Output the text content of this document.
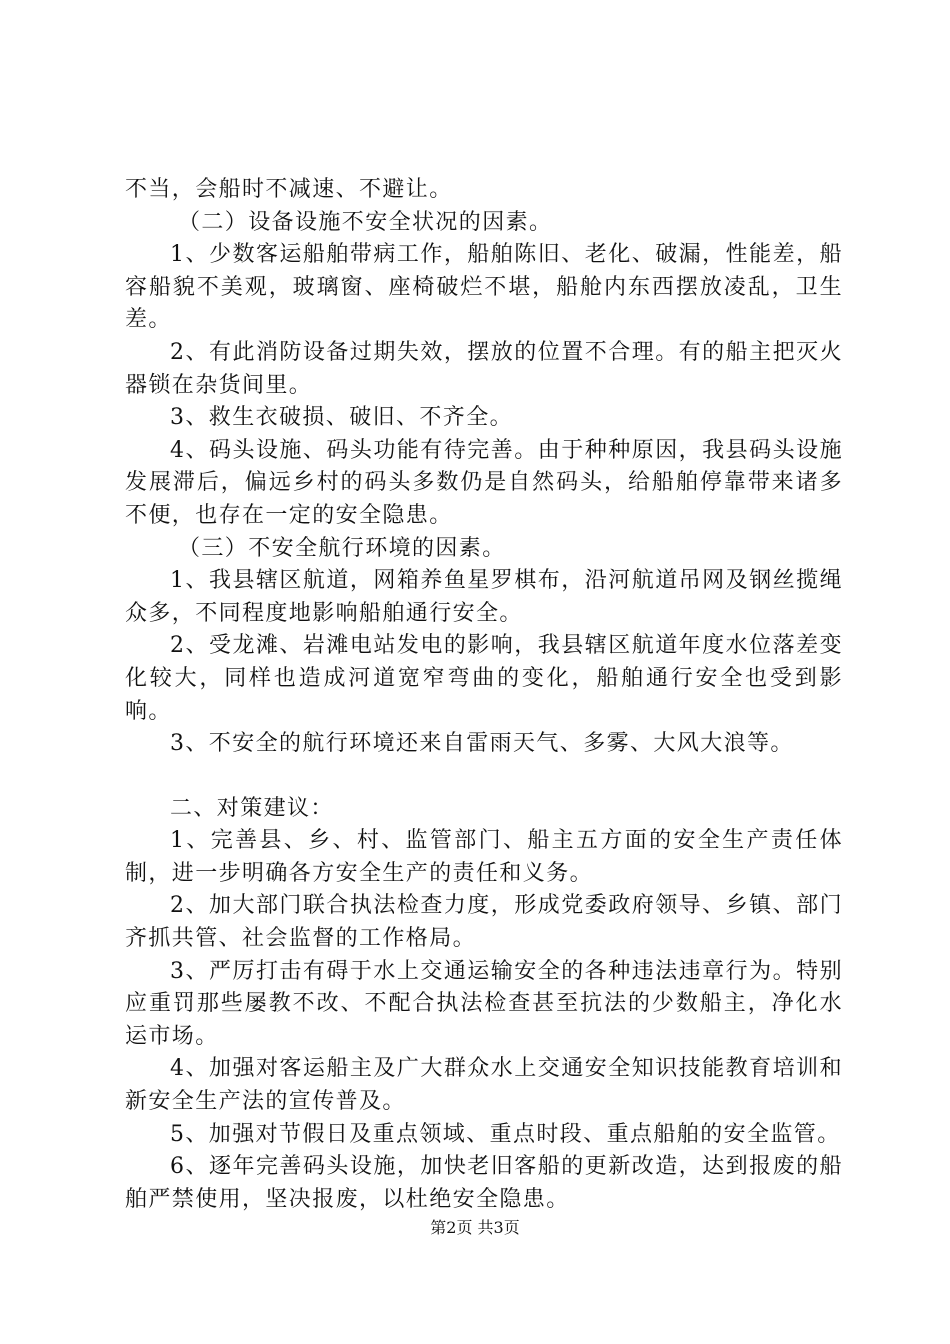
不当，会船时不减速、不避让。

（二）设备设施不安全状况的因素。

1、少数客运船舶带病工作，船舶陈旧、老化、破漏，性能差，船容船貌不美观，玻璃窗、座椅破烂不堪，船舱内东西摆放凌乱，卫生差。

2、有此消防设备过期失效，摆放的位置不合理。有的船主把灭火器锁在杂货间里。

3、救生衣破损、破旧、不齐全。

4、码头设施、码头功能有待完善。由于种种原因，我县码头设施发展滞后，偏远乡村的码头多数仍是自然码头，给船舶停靠带来诸多不便，也存在一定的安全隐患。

（三）不安全航行环境的因素。

1、我县辖区航道，网箱养鱼星罗棋布，沿河航道吊网及钢丝揽绳众多，不同程度地影响船舶通行安全。

2、受龙滩、岩滩电站发电的影响，我县辖区航道年度水位落差变化较大，同样也造成河道宽窄弯曲的变化，船舶通行安全也受到影响。

3、不安全的航行环境还来自雷雨天气、多雾、大风大浪等。

二、对策建议：

1、完善县、乡、村、监管部门、船主五方面的安全生产责任体制，进一步明确各方安全生产的责任和义务。

2、加大部门联合执法检查力度，形成党委政府领导、乡镇、部门齐抓共管、社会监督的工作格局。

3、严厉打击有碍于水上交通运输安全的各种违法违章行为。特别应重罚那些屡教不改、不配合执法检查甚至抗法的少数船主，净化水运市场。

4、加强对客运船主及广大群众水上交通安全知识技能教育培训和新安全生产法的宣传普及。

5、加强对节假日及重点领域、重点时段、重点船舶的安全监管。

6、逐年完善码头设施，加快老旧客船的更新改造，达到报废的船舶严禁使用，坚决报废，以杜绝安全隐患。

第2页 共3页
